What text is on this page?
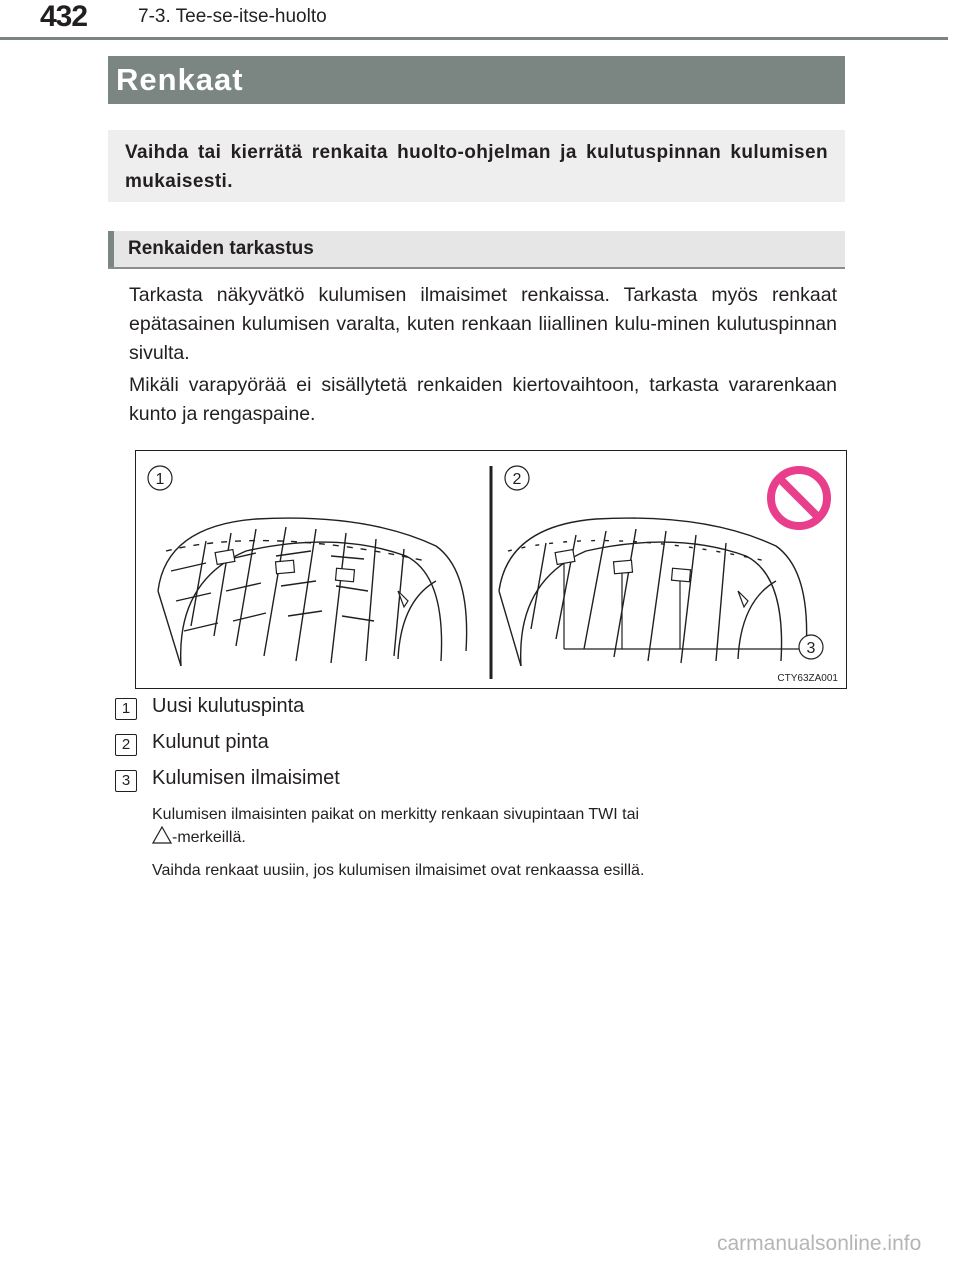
432	7-3. Tee-se-itse-huolto
Renkaat

Vaihda tai kierrätä renkaita huolto-ohjelman ja kulutuspinnan kulumisen mukaisesti.

Renkaiden tarkastus

Tarkasta näkyvätkö kulumisen ilmaisimet renkaissa. Tarkasta myös renkaat epätasainen kulumisen varalta, kuten renkaan liiallinen kulu-minen kulutuspinnan sivulta.

Mikäli varapyörää ei sisällytetä renkaiden kiertovaihtoon, tarkasta vararenkaan kunto ja rengaspaine.

1	2
3
CTY63ZA001
1 Uusi kulutuspinta
2 Kulunut pinta
3 Kulumisen ilmaisimet

Kulumisen ilmaisinten paikat on merkitty renkaan sivupintaan TWI tai
-merkeillä.

Vaihda renkaat uusiin, jos kulumisen ilmaisimet ovat renkaassa esillä.

carmanualsonline.info
